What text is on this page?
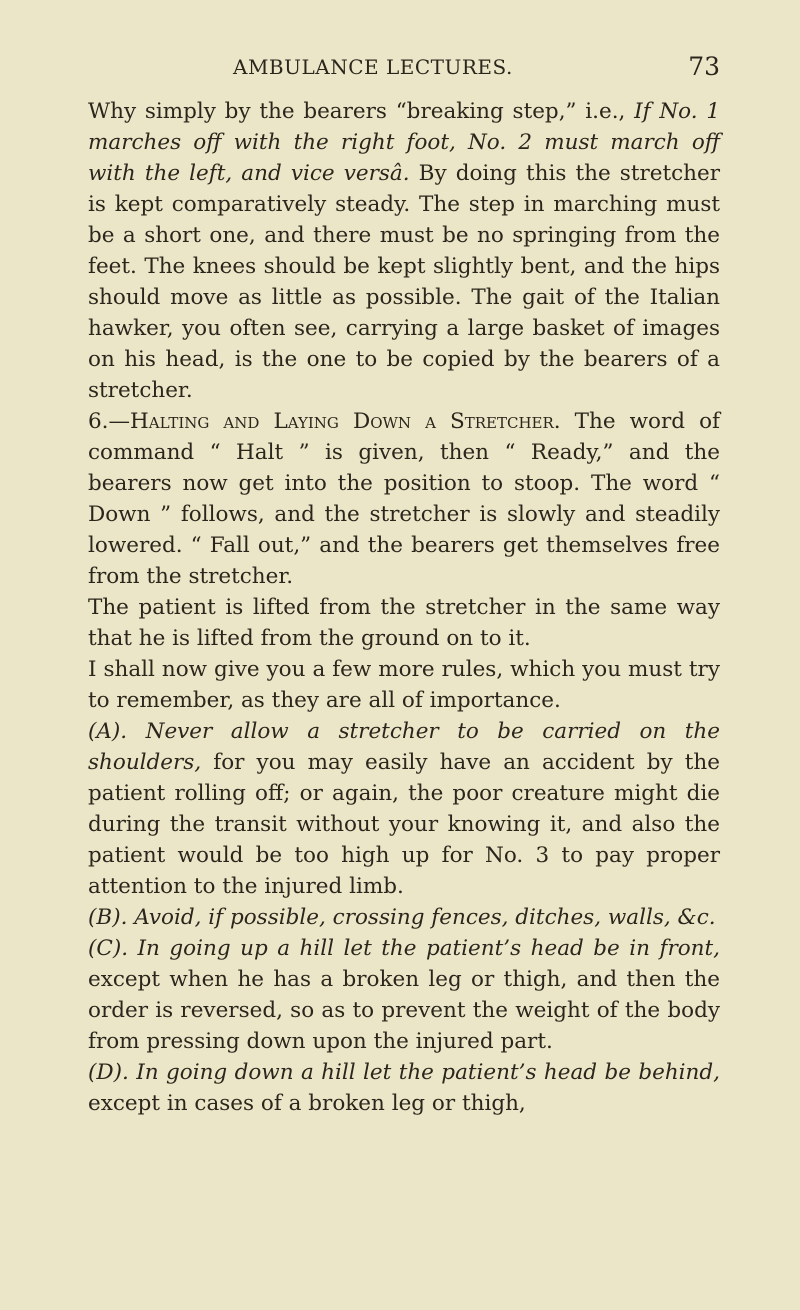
AMBULANCE LECTURES.	73

Why simply by the bearers “breaking step,” i.e., If No. 1 marches off with the right foot, No. 2 must march off with the left, and vice versâ. By doing this the stretcher is kept comparatively steady. The step in marching must be a short one, and there must be no springing from the feet. The knees should be kept slightly bent, and the hips should move as little as possible. The gait of the Italian hawker, you often see, carrying a large basket of images on his head, is the one to be copied by the bearers of a stretcher.

6.—Halting and Laying Down a Stretcher. The word of command “ Halt ” is given, then “ Ready,” and the bearers now get into the position to stoop. The word “ Down ” follows, and the stretcher is slowly and steadily lowered. “ Fall out,” and the bearers get themselves free from the stretcher.

The patient is lifted from the stretcher in the same way that he is lifted from the ground on to it.

I shall now give you a few more rules, which you must try to remember, as they are all of importance.

(A). Never allow a stretcher to be carried on the shoulders, for you may easily have an accident by the patient rolling off; or again, the poor creature might die during the transit without your knowing it, and also the patient would be too high up for No. 3 to pay proper attention to the injured limb.

(B). Avoid, if possible, crossing fences, ditches, walls, &c.

(C). In going up a hill let the patient’s head be in front, except when he has a broken leg or thigh, and then the order is reversed, so as to prevent the weight of the body from pressing down upon the injured part.

(D). In going down a hill let the patient’s head be behind, except in cases of a broken leg or thigh,
